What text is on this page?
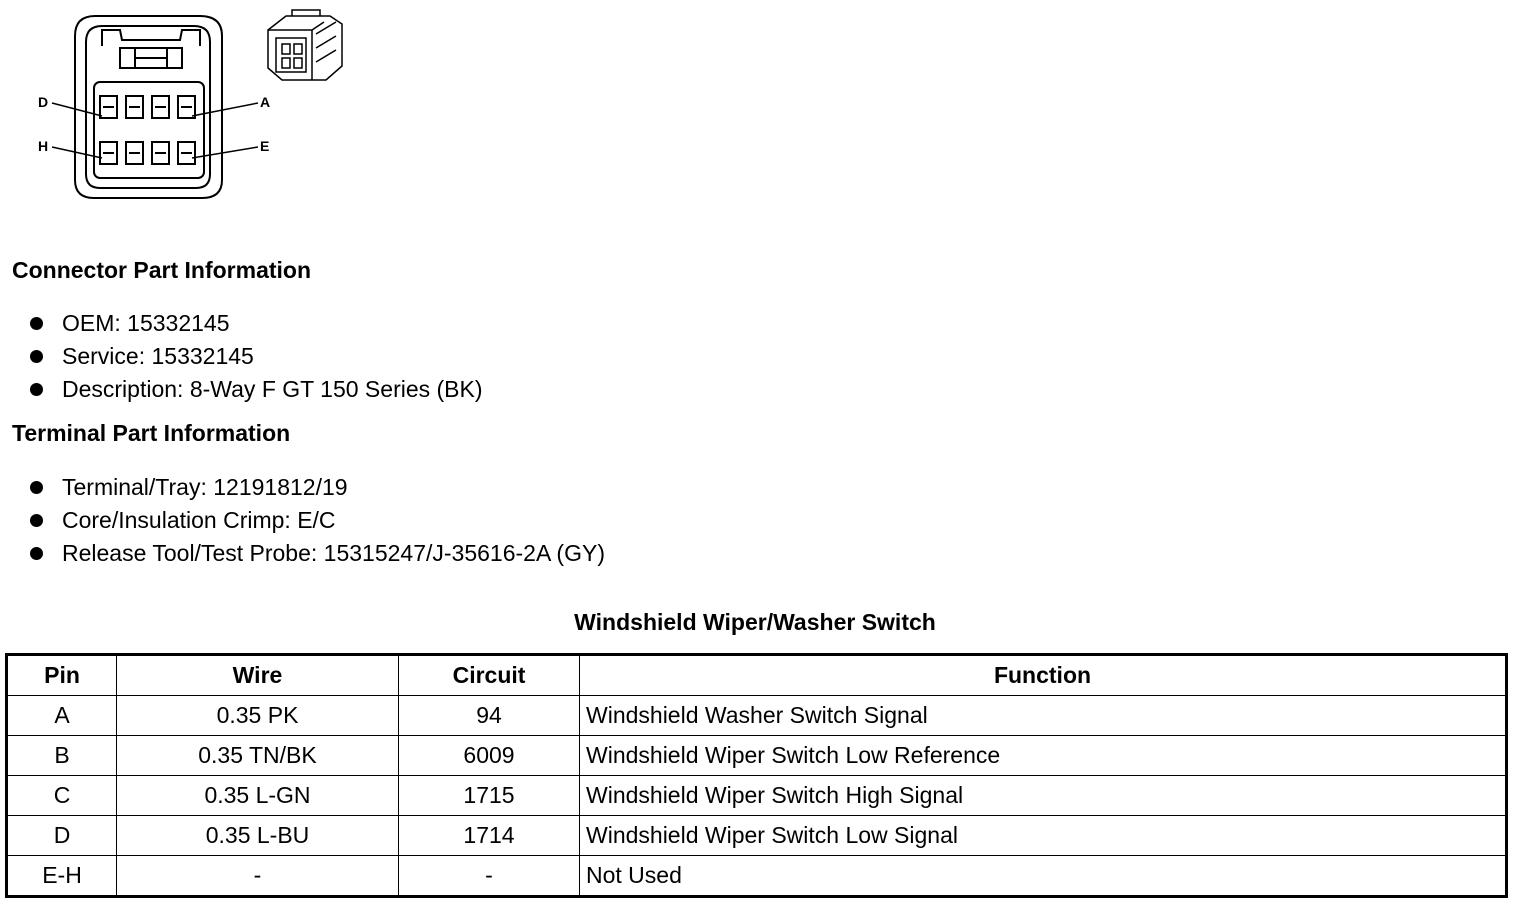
D	A
H	E
Connector Part Information
OEM : 15332145
Service : 15332145
Description : 8-Way F GT 150 Series (BK)
Terminal Part Information
Terminal/Tray : 12191812/19
Core/Insulation Crimp : E/C
Release Tool/Test Probe : 15315247/J-35616-2A (GY)
Windshield Wiper/Washer Switch
Pin	Wire	Circuit	Function
A	0.35 PK	94	Windshield Washer Switch Signal
B	0.35 TN/BK	6009	Windshield Wiper Switch Low Reference
C	0.35 L-GN	1715	Windshield Wiper Switch High Signal
D	0.35 L-BU	1714	Windshield Wiper Switch Low Signal
E-H	-	-	Not Used
